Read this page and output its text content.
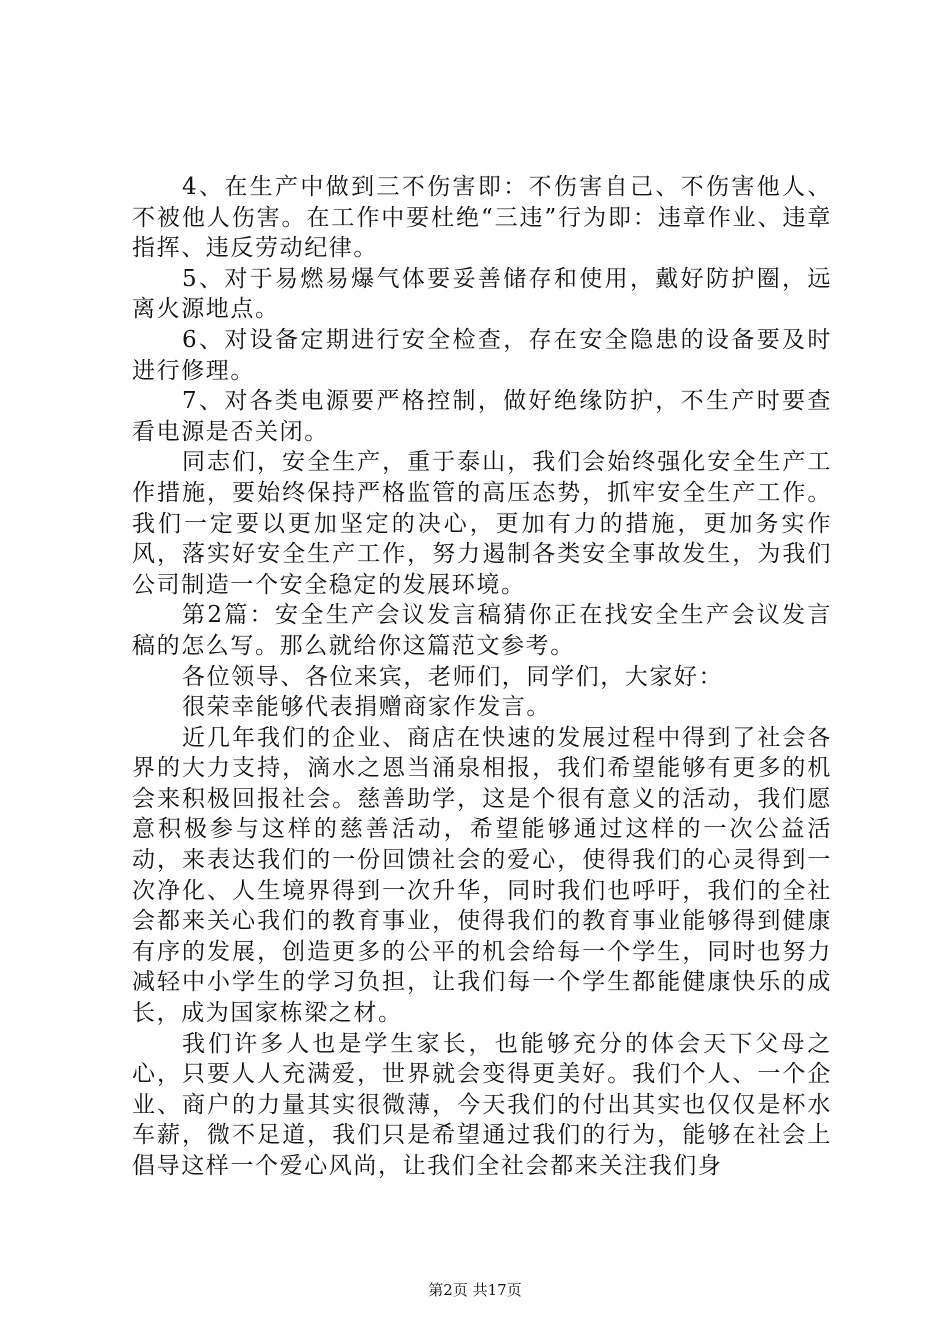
4、在生产中做到三不伤害即：不伤害自己、不伤害他人、不被他人伤害。在工作中要杜绝“三违”行为即：违章作业、违章指挥、违反劳动纪律。

5、对于易燃易爆气体要妥善储存和使用，戴好防护圈，远离火源地点。

6、对设备定期进行安全检查，存在安全隐患的设备要及时进行修理。

7、对各类电源要严格控制，做好绝缘防护，不生产时要查看电源是否关闭。

同志们，安全生产，重于泰山，我们会始终强化安全生产工作措施，要始终保持严格监管的高压态势，抓牢安全生产工作。我们一定要以更加坚定的决心，更加有力的措施，更加务实作风，落实好安全生产工作，努力遏制各类安全事故发生，为我们公司制造一个安全稳定的发展环境。

第2篇：安全生产会议发言稿猜你正在找安全生产会议发言稿的怎么写。那么就给你这篇范文参考。

各位领导、各位来宾，老师们，同学们，大家好：

很荣幸能够代表捐赠商家作发言。

近几年我们的企业、商店在快速的发展过程中得到了社会各界的大力支持，滴水之恩当涌泉相报，我们希望能够有更多的机会来积极回报社会。慈善助学，这是个很有意义的活动，我们愿意积极参与这样的慈善活动，希望能够通过这样的一次公益活动，来表达我们的一份回馈社会的爱心，使得我们的心灵得到一次净化、人生境界得到一次升华，同时我们也呼吁，我们的全社会都来关心我们的教育事业，使得我们的教育事业能够得到健康有序的发展，创造更多的公平的机会给每一个学生，同时也努力减轻中小学生的学习负担，让我们每一个学生都能健康快乐的成长，成为国家栋梁之材。

我们许多人也是学生家长，也能够充分的体会天下父母之心，只要人人充满爱，世界就会变得更美好。我们个人、一个企业、商户的力量其实很微薄，今天我们的付出其实也仅仅是杯水车薪，微不足道，我们只是希望通过我们的行为，能够在社会上倡导这样一个爱心风尚，让我们全社会都来关注我们身

第2页 共17页
